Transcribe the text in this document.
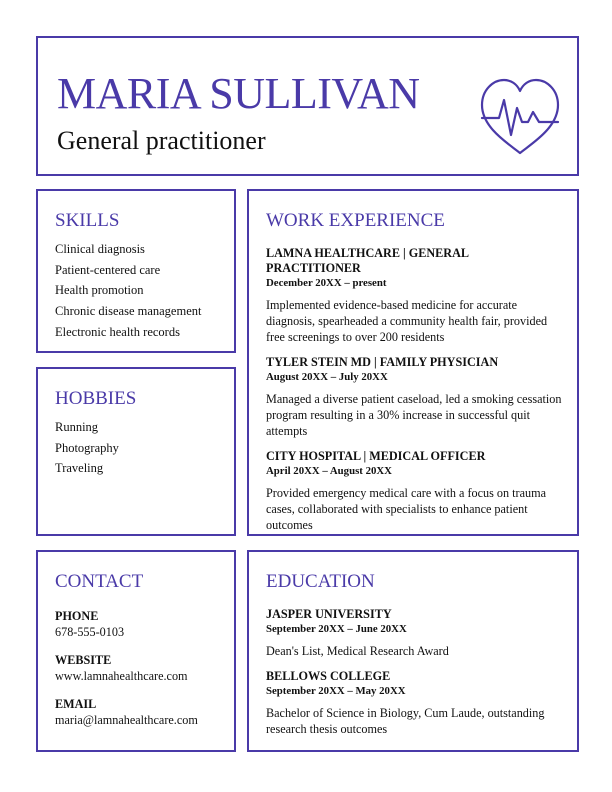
MARIA SULLIVAN
General practitioner
SKILLS
Clinical diagnosis
Patient-centered care
Health promotion
Chronic disease management
Electronic health records
HOBBIES
Running
Photography
Traveling
WORK EXPERIENCE

LAMNA HEALTHCARE | GENERAL PRACTITIONER

December 20XX – present

Implemented evidence-based medicine for accurate diagnosis, spearheaded a community health fair, provided free screenings to over 200 residents

TYLER STEIN MD | FAMILY PHYSICIAN

August 20XX – July 20XX

Managed a diverse patient caseload, led a smoking cessation program resulting in a 30% increase in successful quit attempts

CITY HOSPITAL | MEDICAL OFFICER

April 20XX – August 20XX

Provided emergency medical care with a focus on trauma cases, collaborated with specialists to enhance patient outcomes

CONTACT

PHONE

678-555-0103

WEBSITE

www.lamnahealthcare.com

EMAIL

maria@lamnahealthcare.com

EDUCATION

JASPER UNIVERSITY

September 20XX – June 20XX

Dean's List, Medical Research Award

BELLOWS COLLEGE

September 20XX – May 20XX

Bachelor of Science in Biology, Cum Laude, outstanding research thesis outcomes
